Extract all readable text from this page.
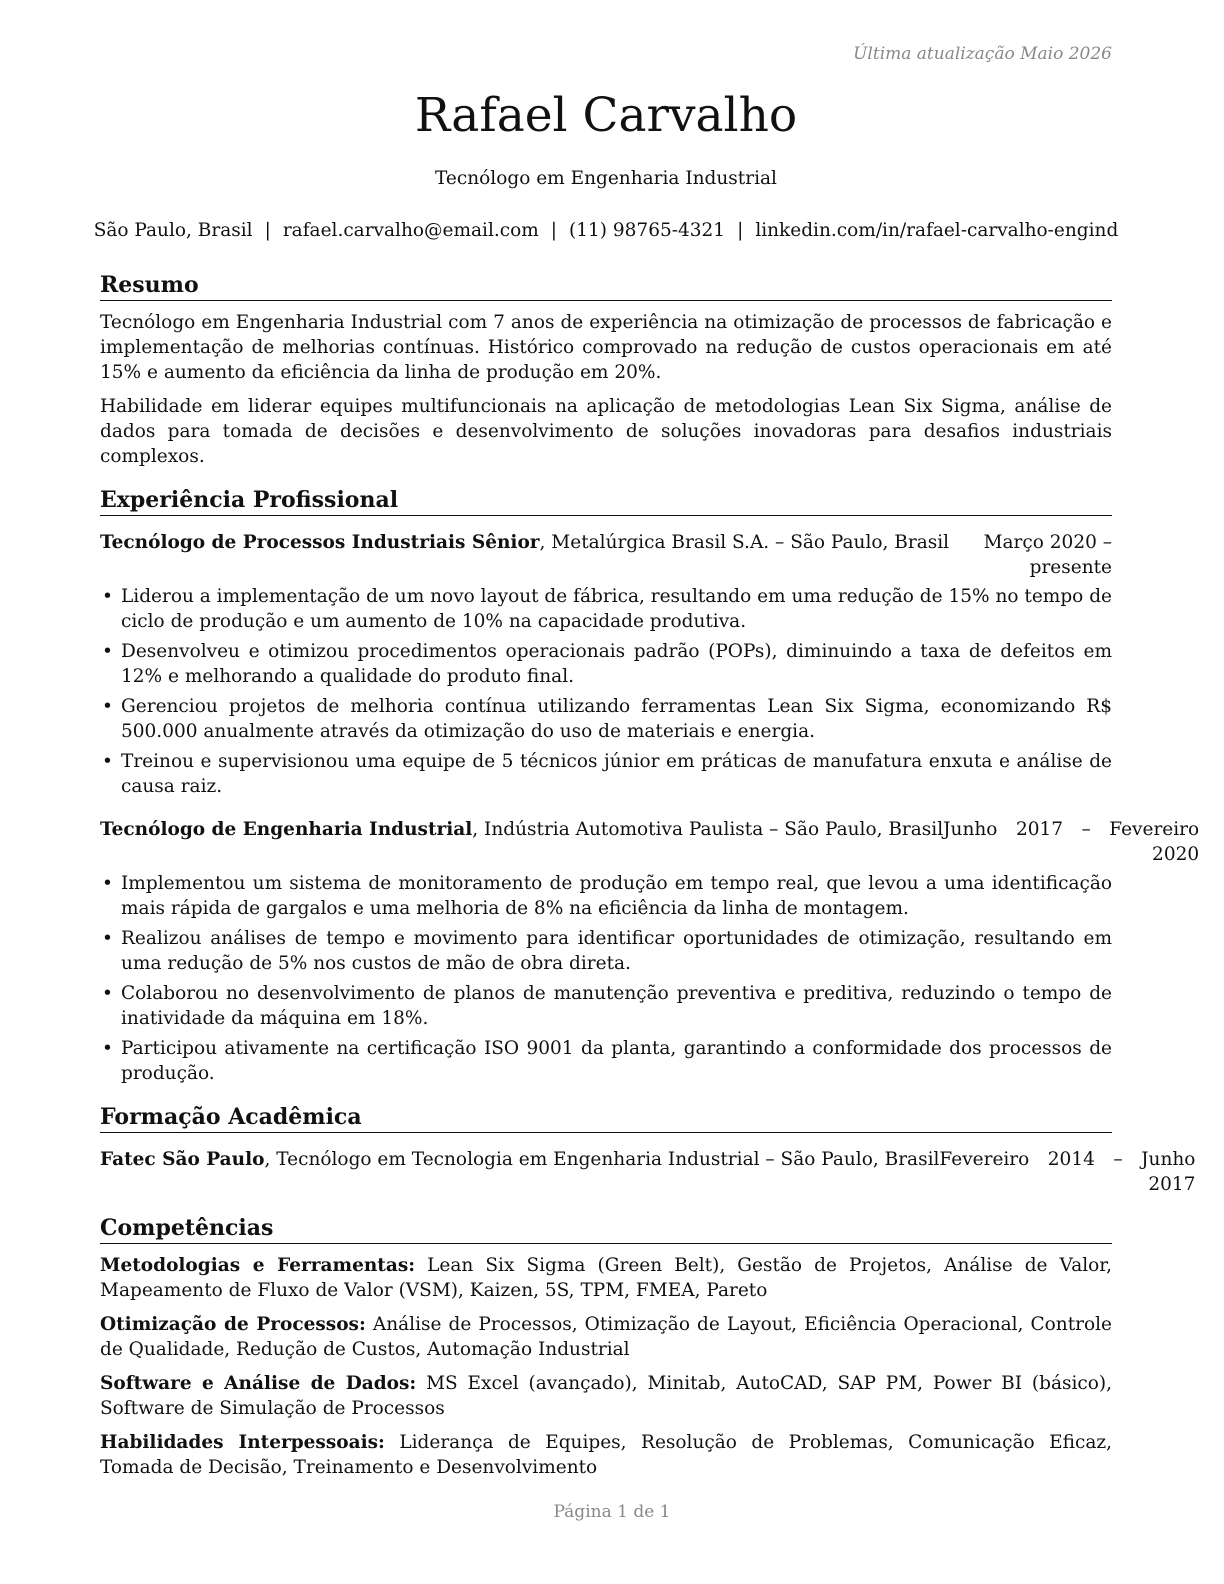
Última atualização Maio 2026
Rafael Carvalho
Tecnólogo em Engenharia Industrial
São Paulo, Brasil | rafael.carvalho@email.com | (11) 98765-4321 | linkedin.com/in/rafael-carvalho-engind
Resumo

Tecnólogo em Engenharia Industrial com 7 anos de experiência na otimização de processos de fabricação e implementação de melhorias contínuas. Histórico comprovado na redução de custos operacionais em até 15% e aumento da eficiência da linha de produção em 20%.

Habilidade em liderar equipes multifuncionais na aplicação de metodologias Lean Six Sigma, análise de dados para tomada de decisões e desenvolvimento de soluções inovadoras para desafios industriais complexos.

Experiência Profissional
Tecnólogo de Processos Industriais Sênior, Metalúrgica Brasil S.A. – São Paulo, Brasil	Março 2020 – presente
• Liderou a implementação de um novo layout de fábrica, resultando em uma redução de 15% no tempo de ciclo de produção e um aumento de 10% na capacidade produtiva.
• Desenvolveu e otimizou procedimentos operacionais padrão (POPs), diminuindo a taxa de defeitos em 12% e melhorando a qualidade do produto final.
• Gerenciou projetos de melhoria contínua utilizando ferramentas Lean Six Sigma, economizando R$ 500.000 anualmente através da otimização do uso de materiais e energia.
• Treinou e supervisionou uma equipe de 5 técnicos júnior em práticas de manufatura enxuta e análise de causa raiz.
Tecnólogo de Engenharia Industrial, Indústria Automotiva Paulista – São Paulo, Brasil Junho 2017 – Fevereiro 2020
• Implementou um sistema de monitoramento de produção em tempo real, que levou a uma identificação mais rápida de gargalos e uma melhoria de 8% na eficiência da linha de montagem.
• Realizou análises de tempo e movimento para identificar oportunidades de otimização, resultando em uma redução de 5% nos custos de mão de obra direta.
• Colaborou no desenvolvimento de planos de manutenção preventiva e preditiva, reduzindo o tempo de inatividade da máquina em 18%.
• Participou ativamente na certificação ISO 9001 da planta, garantindo a conformidade dos processos de produção.
Formação Acadêmica
Fatec São Paulo, Tecnólogo em Tecnologia em Engenharia Industrial – São Paulo, Brasil Fevereiro 2014 – Junho 2017
Competências

Metodologias e Ferramentas: Lean Six Sigma (Green Belt), Gestão de Projetos, Análise de Valor, Mapeamento de Fluxo de Valor (VSM), Kaizen, 5S, TPM, FMEA, Pareto

Otimização de Processos: Análise de Processos, Otimização de Layout, Eficiência Operacional, Controle de Qualidade, Redução de Custos, Automação Industrial

Software e Análise de Dados: MS Excel (avançado), Minitab, AutoCAD, SAP PM, Power BI (básico), Software de Simulação de Processos

Habilidades Interpessoais: Liderança de Equipes, Resolução de Problemas, Comunicação Eficaz, Tomada de Decisão, Treinamento e Desenvolvimento

Página 1 de 1
